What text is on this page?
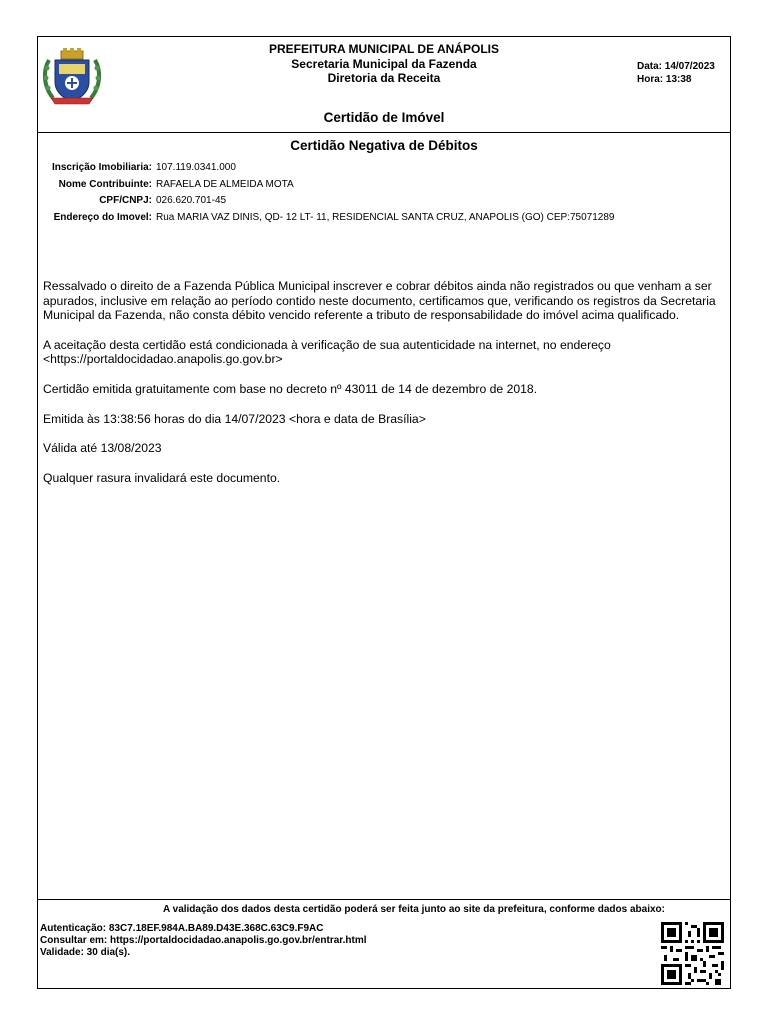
PREFEITURA MUNICIPAL DE ANÁPOLIS
Secretaria Municipal da Fazenda
Diretoria da Receita
Data: 14/07/2023
Hora: 13:38
Certidão de Imóvel
Certidão Negativa de Débitos
Inscrição Imobiliaria: 107.119.0341.000
Nome Contribuinte: RAFAELA DE ALMEIDA MOTA
CPF/CNPJ: 026.620.701-45
Endereço do Imovel: Rua MARIA VAZ DINIS, QD- 12 LT- 11, RESIDENCIAL SANTA CRUZ, ANAPOLIS (GO) CEP:75071289

Ressalvado o direito de a Fazenda Pública Municipal inscrever e cobrar débitos ainda não registrados ou que venham a ser apurados, inclusive em relação ao período contido neste documento, certificamos que, verificando os registros da Secretaria Municipal da Fazenda, não consta débito vencido referente a tributo de responsabilidade do imóvel acima qualificado.

A aceitação desta certidão está condicionada à verificação de sua autenticidade na internet, no endereço <https://portaldocidadao.anapolis.go.gov.br>

Certidão emitida gratuitamente com base no decreto nº 43011 de 14 de dezembro de 2018.

Emitida às 13:38:56 horas do dia 14/07/2023 <hora e data de Brasília>

Válida até 13/08/2023

Qualquer rasura invalidará este documento.

A validação dos dados desta certidão poderá ser feita junto ao site da prefeitura, conforme dados abaixo:
Autenticação: 83C7.18EF.984A.BA89.D43E.368C.63C9.F9AC
Consultar em: https://portaldocidadao.anapolis.go.gov.br/entrar.html
Validade: 30 dia(s).
